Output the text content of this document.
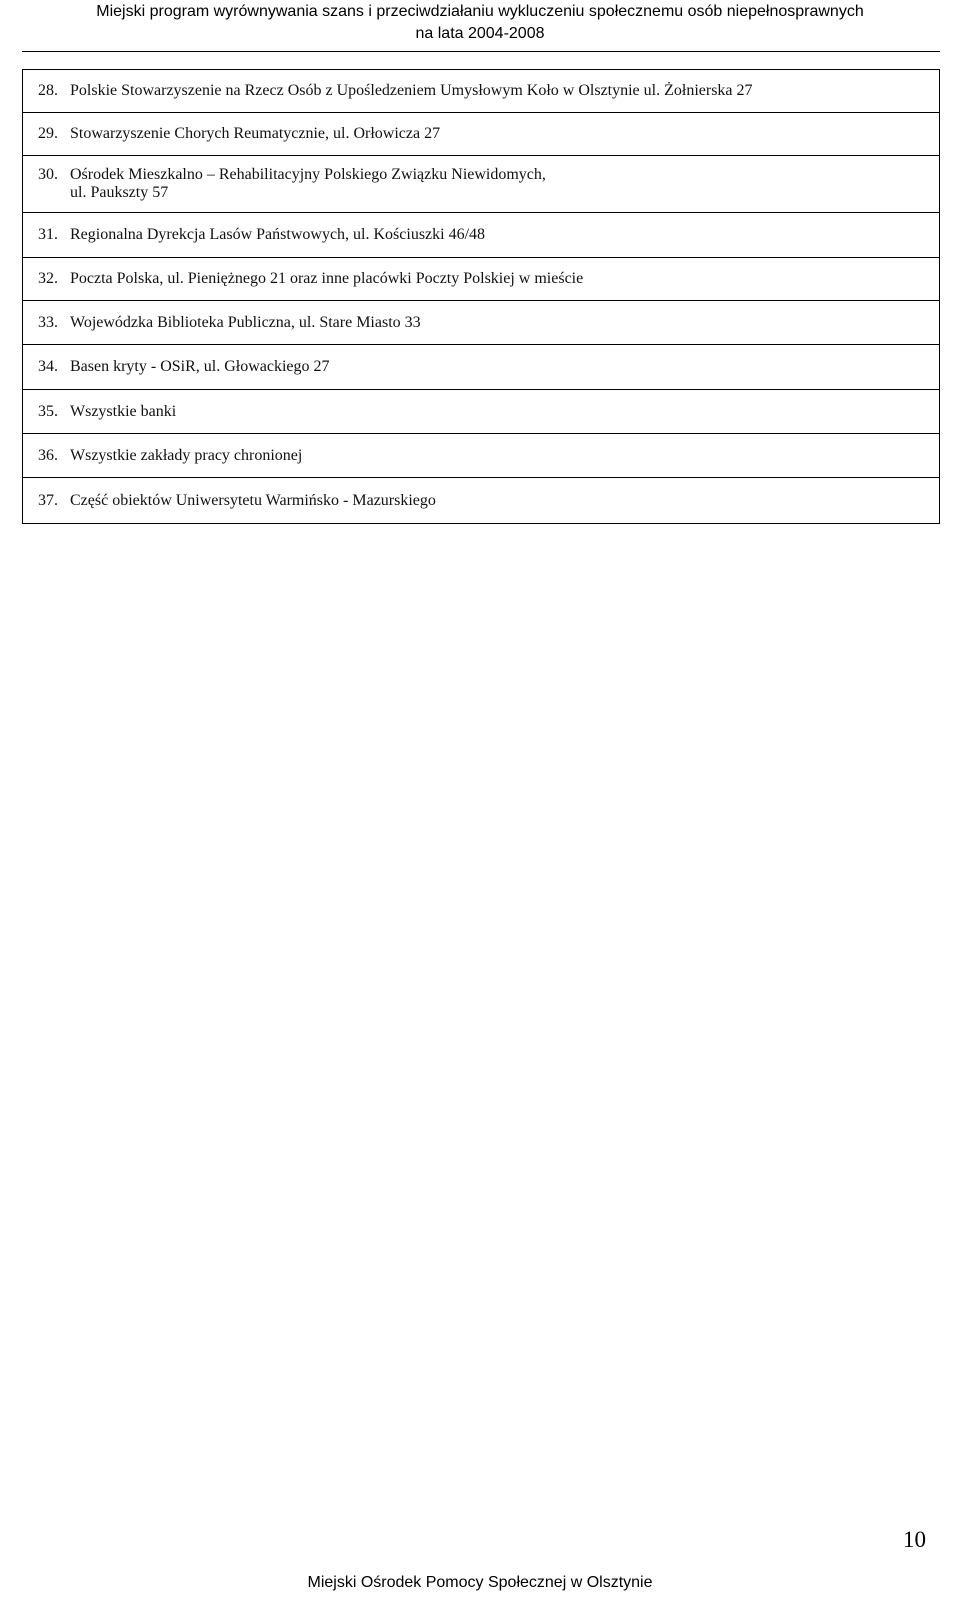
Miejski program wyrównywania szans i przeciwdziałaniu wykluczeniu społecznemu osób niepełnosprawnych
na lata 2004-2008
28. Polskie Stowarzyszenie na Rzecz Osób z Upośledzeniem Umysłowym Koło w Olsztynie ul. Żołnierska 27
29. Stowarzyszenie Chorych Reumatycznie, ul. Orłowicza 27

30. Ośrodek Mieszkalno – Rehabilitacyjny Polskiego Związku Niewidomych,
ul. Paukszty 57

31. Regionalna Dyrekcja Lasów Państwowych, ul. Kościuszki 46/48
32. Poczta Polska, ul. Pieniężnego 21 oraz inne placówki Poczty Polskiej w mieście
33. Wojewódzka Biblioteka Publiczna, ul. Stare Miasto 33
34. Basen kryty - OSiR, ul. Głowackiego 27
35. Wszystkie banki
36. Wszystkie zakłady pracy chronionej
37. Część obiektów Uniwersytetu Warmińsko - Mazurskiego
10
Miejski Ośrodek Pomocy Społecznej w Olsztynie
